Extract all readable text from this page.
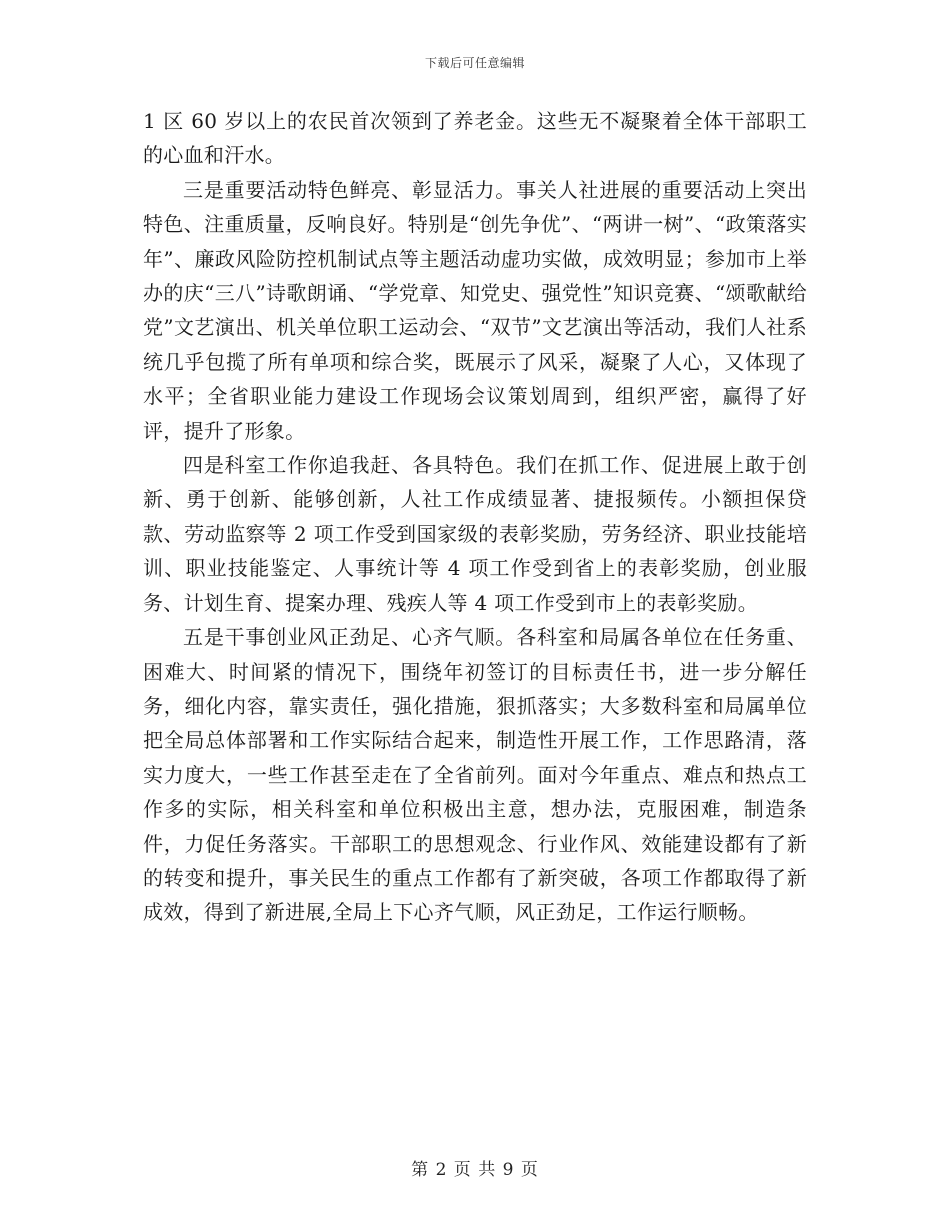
下载后可任意编辑

1 区 60 岁以上的农民首次领到了养老金。这些无不凝聚着全体干部职工的心血和汗水。

三是重要活动特色鲜亮、彰显活力。事关人社进展的重要活动上突出特色、注重质量，反响良好。特别是“创先争优”、“两讲一树”、“政策落实年”、廉政风险防控机制试点等主题活动虚功实做，成效明显；参加市上举办的庆“三八”诗歌朗诵、“学党章、知党史、强党性”知识竞赛、“颂歌献给党”文艺演出、机关单位职工运动会、“双节”文艺演出等活动，我们人社系统几乎包揽了所有单项和综合奖，既展示了风采，凝聚了人心，又体现了水平；全省职业能力建设工作现场会议策划周到，组织严密，赢得了好评，提升了形象。

四是科室工作你追我赶、各具特色。我们在抓工作、促进展上敢于创新、勇于创新、能够创新，人社工作成绩显著、捷报频传。小额担保贷款、劳动监察等 2 项工作受到国家级的表彰奖励，劳务经济、职业技能培训、职业技能鉴定、人事统计等 4 项工作受到省上的表彰奖励，创业服务、计划生育、提案办理、残疾人等 4 项工作受到市上的表彰奖励。

五是干事创业风正劲足、心齐气顺。各科室和局属各单位在任务重、困难大、时间紧的情况下，围绕年初签订的目标责任书，进一步分解任务，细化内容，靠实责任，强化措施，狠抓落实；大多数科室和局属单位把全局总体部署和工作实际结合起来，制造性开展工作，工作思路清，落实力度大，一些工作甚至走在了全省前列。面对今年重点、难点和热点工作多的实际，相关科室和单位积极出主意，想办法，克服困难，制造条件，力促任务落实。干部职工的思想观念、行业作风、效能建设都有了新的转变和提升，事关民生的重点工作都有了新突破，各项工作都取得了新成效，得到了新进展,全局上下心齐气顺，风正劲足，工作运行顺畅。

第 2 页 共 9 页
